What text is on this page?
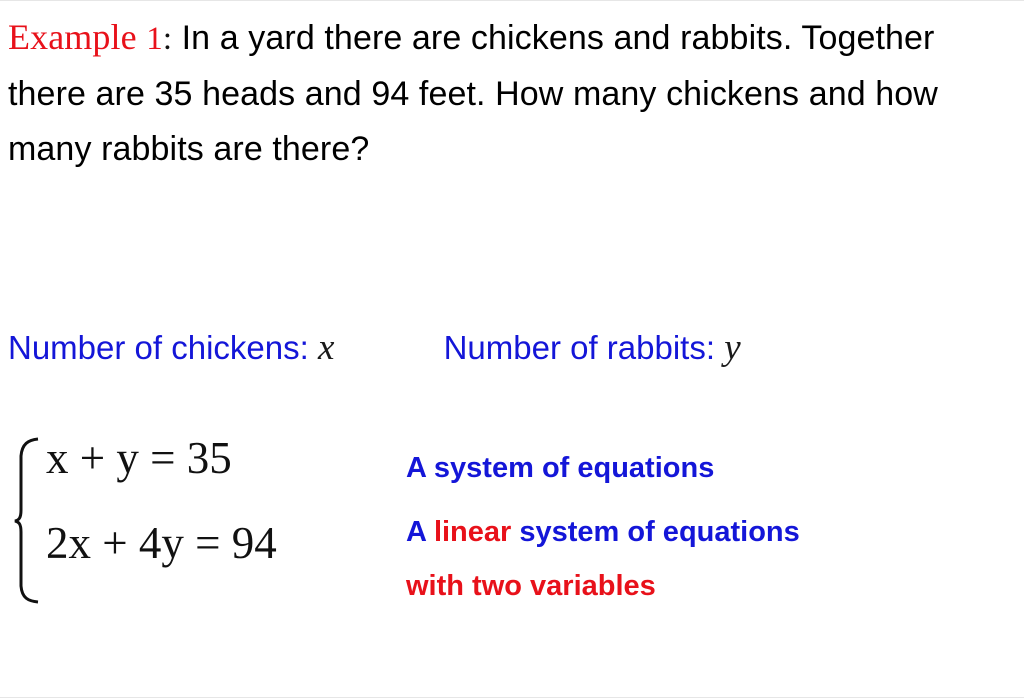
Example 1: In a yard there are chickens and rabbits. Together there are 35 heads and 94 feet. How many chickens and how many rabbits are there?
Number of chickens: x	Number of rabbits: y
x + y = 35
2x + 4y = 94
A system of equations
A linear system of equations
with two variables
